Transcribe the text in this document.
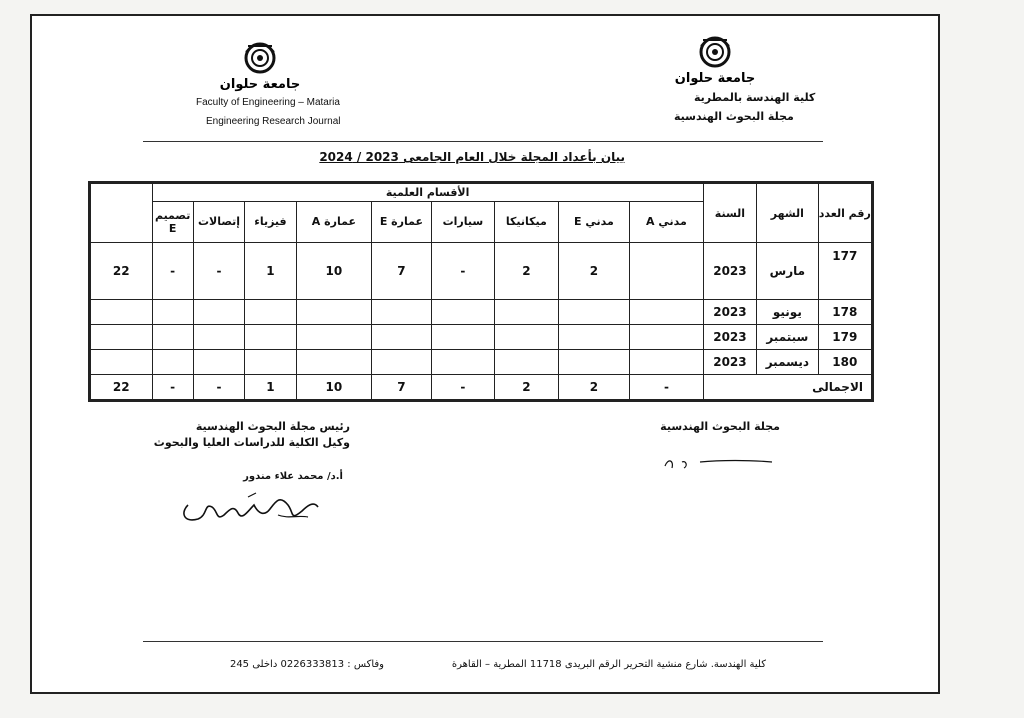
جامعة حلوان	جامعة حلوان
Faculty of Engineering – Mataria
Engineering Research Journal
كلية الهندسة بالمطرية
مجلة البحوث الهندسية
بيان بأعداد المجلة خلال العام الجامعى 2023 / 2024
رقم العدد	الشهر	السنة	الأقسام العلمية									
			مدني A	مدني E	ميكانيكا	سيارات	عمارة E	عمارة A	فيزياء	إتصالات	تصميم E	
177	مارس	2023		2	2	-	7	10	1	-	-	22
178	يونيو	2023										
179	سبتمبر	2023										
180	ديسمبر	2023										
الاجمالى			-	2	2	-	7	10	1	-	-	22
رئيس مجلة البحوث الهندسية
وكيل الكلية للدراسات العليا والبحوث
أ.د/ محمد علاء مندور
مجلة البحوث الهندسية
كلية الهندسة. شارع منشية التحرير الرقم البريدى 11718 المطرية – القاهرة
وفاكس : 0226333813 داخلى 245
